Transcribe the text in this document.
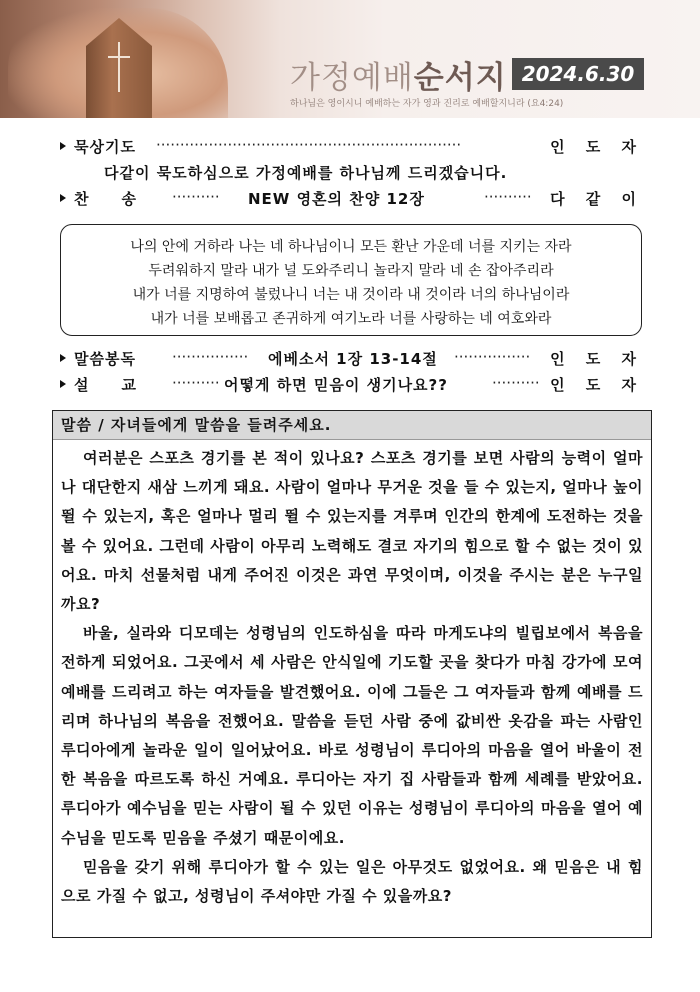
가정예배순서지 2024.6.30
하나님은 영이시니 예배하는 자가 영과 진리로 예배할지니라 (요4:24)
묵상기도 ································································	인 도 자
다같이 묵도하심으로 가정예배를 하나님께 드리겠습니다.
찬　　송 ·········· NEW 영혼의 찬양 12장	·········· 다 같 이
나의 안에 거하라 나는 네 하나님이니 모든 환난 가운데 너를 지키는 자라
두려워하지 말라 내가 널 도와주리니 놀라지 말라 네 손 잡아주리라
내가 너를 지명하여 불렀나니 너는 내 것이라 내 것이라 너의 하나님이라
내가 너를 보배롭고 존귀하게 여기노라 너를 사랑하는 네 여호와라
말씀봉독 ················ 에베소서 1장 13-14절 ················ 인 도 자
설　　교 ·········· 어떻게 하면 믿음이 생기나요??	·········· 인 도 자
말씀 / 자녀들에게 말씀을 들려주세요.

여러분은 스포츠 경기를 본 적이 있나요? 스포츠 경기를 보면 사람의 능력이 얼마나 대단한지 새삼 느끼게 돼요. 사람이 얼마나 무거운 것을 들 수 있는지, 얼마나 높이 뛸 수 있는지, 혹은 얼마나 멀리 뛸 수 있는지를 겨루며 인간의 한계에 도전하는 것을 볼 수 있어요. 그런데 사람이 아무리 노력해도 결코 자기의 힘으로 할 수 없는 것이 있어요. 마치 선물처럼 내게 주어진 이것은 과연 무엇이며, 이것을 주시는 분은 누구일까요?

바울, 실라와 디모데는 성령님의 인도하심을 따라 마게도냐의 빌립보에서 복음을 전하게 되었어요. 그곳에서 세 사람은 안식일에 기도할 곳을 찾다가 마침 강가에 모여 예배를 드리려고 하는 여자들을 발견했어요. 이에 그들은 그 여자들과 함께 예배를 드리며 하나님의 복음을 전했어요. 말씀을 듣던 사람 중에 값비싼 옷감을 파는 사람인 루디아에게 놀라운 일이 일어났어요. 바로 성령님이 루디아의 마음을 열어 바울이 전한 복음을 따르도록 하신 거예요. 루디아는 자기 집 사람들과 함께 세례를 받았어요. 루디아가 예수님을 믿는 사람이 될 수 있던 이유는 성령님이 루디아의 마음을 열어 예수님을 믿도록 믿음을 주셨기 때문이에요.

믿음을 갖기 위해 루디아가 할 수 있는 일은 아무것도 없었어요. 왜 믿음은 내 힘으로 가질 수 없고, 성령님이 주셔야만 가질 수 있을까요?
